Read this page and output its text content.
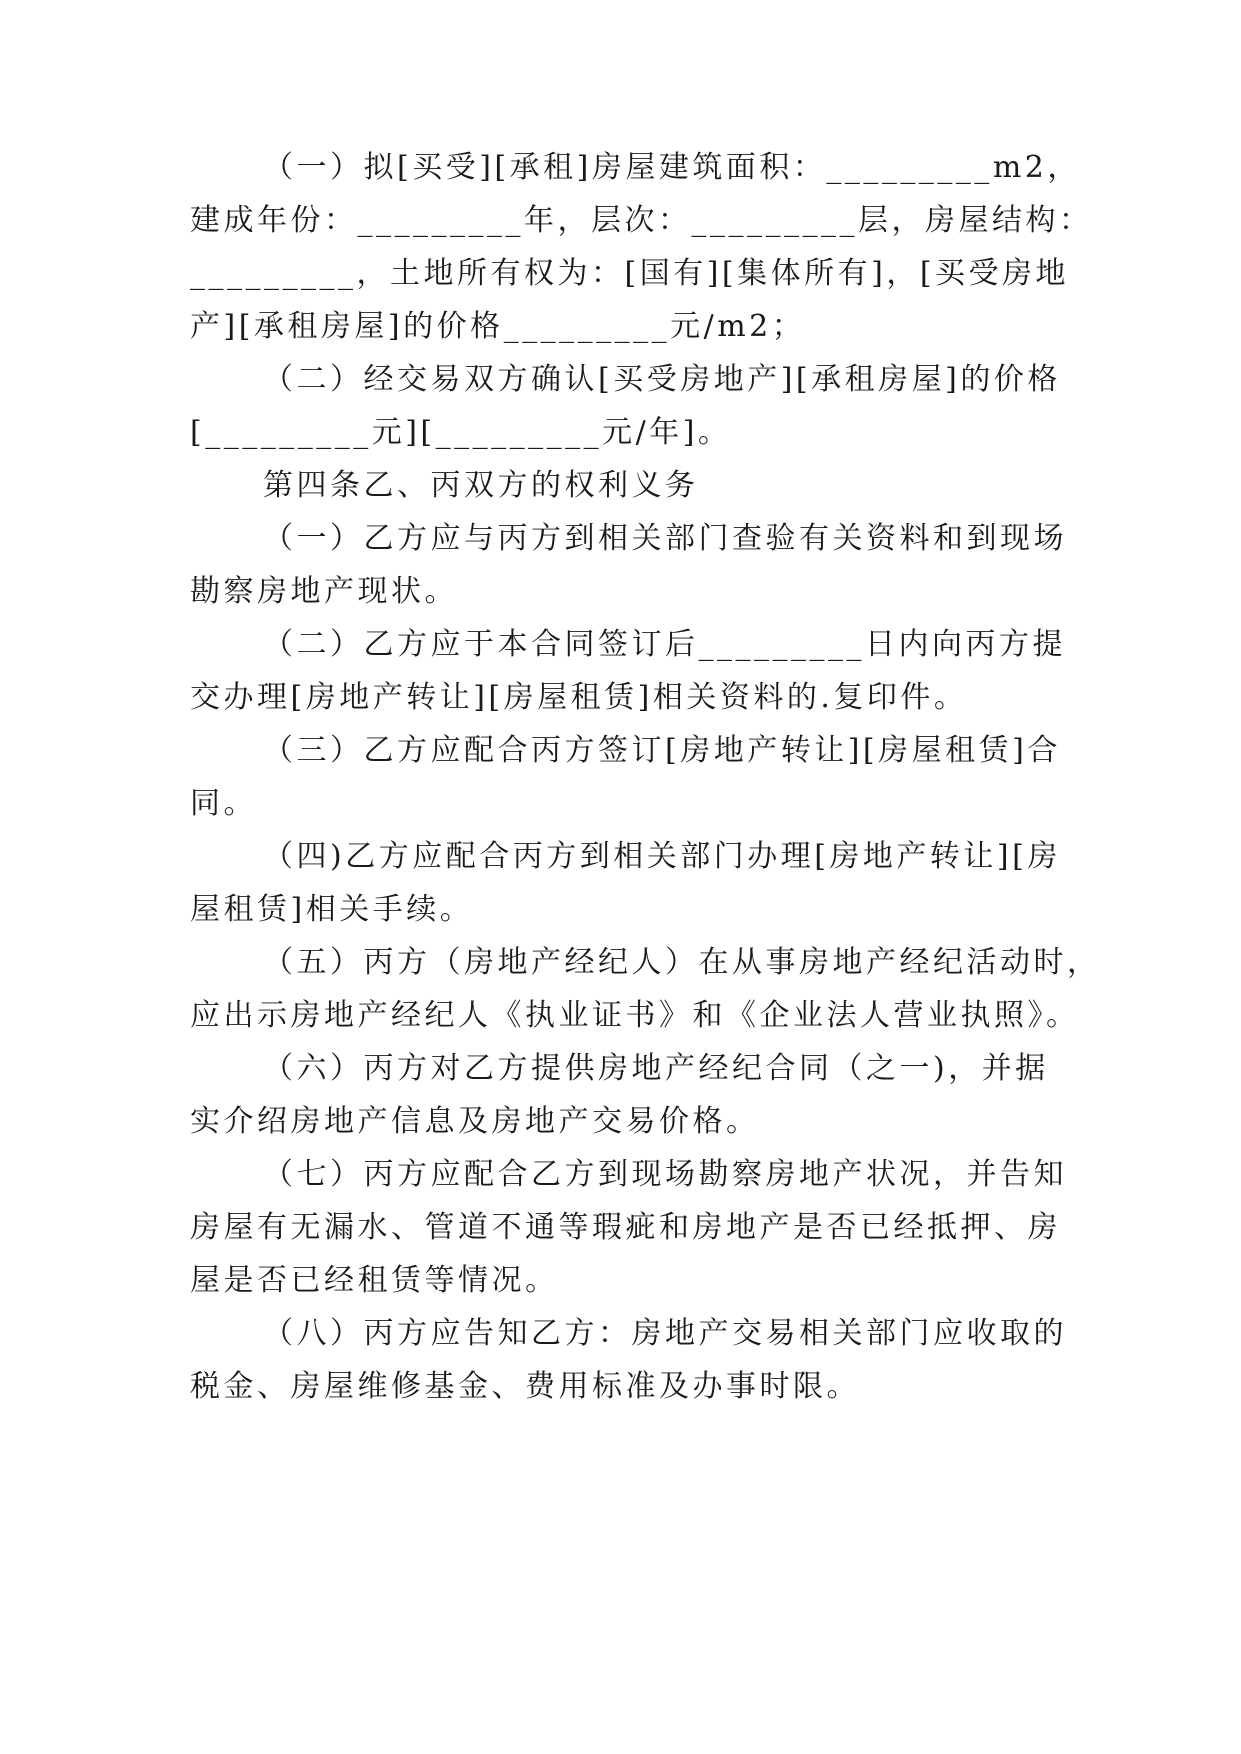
（一）拟[买受][承租]房屋建筑面积：_________m2，
建成年份：_________年，层次：_________层，房屋结构：
_________，土地所有权为：[国有][集体所有]，[买受房地
产][承租房屋]的价格_________元/m2；
（二）经交易双方确认[买受房地产][承租房屋]的价格
[_________元][_________元/年]。
第四条乙、丙双方的权利义务
（一）乙方应与丙方到相关部门查验有关资料和到现场
勘察房地产现状。
（二）乙方应于本合同签订后_________日内向丙方提
交办理[房地产转让][房屋租赁]相关资料的.复印件。
（三）乙方应配合丙方签订[房地产转让][房屋租赁]合
同。
（四)乙方应配合丙方到相关部门办理[房地产转让][房
屋租赁]相关手续。
（五）丙方（房地产经纪人）在从事房地产经纪活动时，
应出示房地产经纪人《执业证书》和《企业法人营业执照》。
（六）丙方对乙方提供房地产经纪合同（之一)，并据
实介绍房地产信息及房地产交易价格。
（七）丙方应配合乙方到现场勘察房地产状况，并告知
房屋有无漏水、管道不通等瑕疵和房地产是否已经抵押、房
屋是否已经租赁等情况。
（八）丙方应告知乙方：房地产交易相关部门应收取的
税金、房屋维修基金、费用标准及办事时限。
